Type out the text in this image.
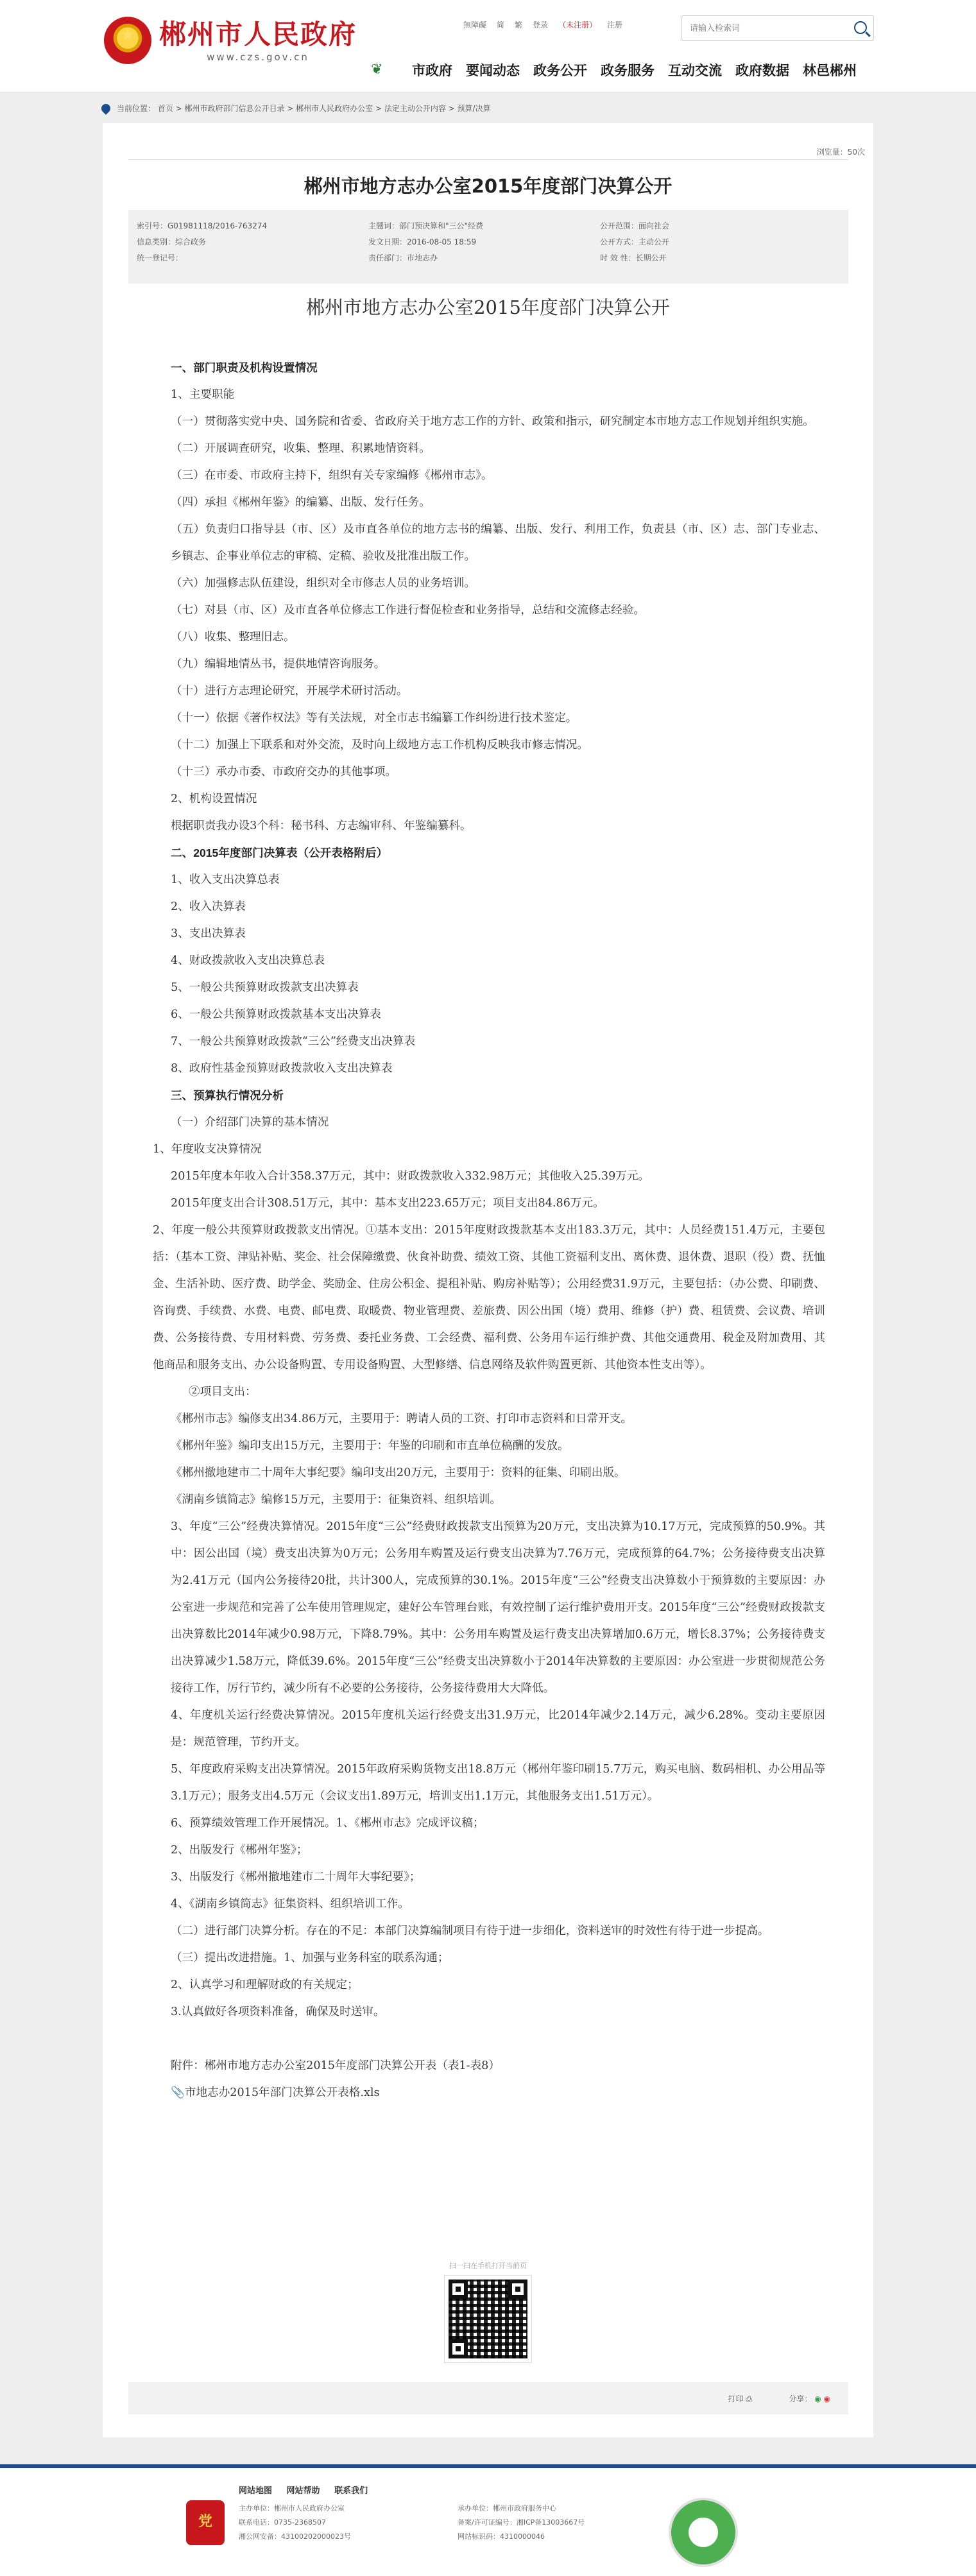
★
郴州市人民政府
www.czs.gov.cn
無障礙 简 繁 登录 （未注册） 注册
请输入检索词
❦	市政府 要闻动态 政务公开 政务服务 互动交流 政府数据 林邑郴州
当前位置： 首页 > 郴州市政府部门信息公开目录 > 郴州市人民政府办公室 > 法定主动公开内容 > 预算/决算
浏览量：50次
郴州市地方志办公室2015年度部门决算公开
索引号：G01981118/2016-763274
信息类别：综合政务
统一登记号：
主题词：部门预决算和"三公"经费
发文日期：2016-08-05 18:59
责任部门：市地志办
公开范围：面向社会
公开方式：主动公开
时 效 性：长期公开
郴州市地方志办公室2015年度部门决算公开

一、部门职责及机构设置情况

1、主要职能

（一）贯彻落实党中央、国务院和省委、省政府关于地方志工作的方针、政策和指示，研究制定本市地方志工作规划并组织实施。

（二）开展调查研究，收集、整理、积累地情资料。

（三）在市委、市政府主持下，组织有关专家编修《郴州市志》。

（四）承担《郴州年鉴》的编纂、出版、发行任务。

（五）负责归口指导县（市、区）及市直各单位的地方志书的编纂、出版、发行、利用工作，负责县（市、区）志、部门专业志、乡镇志、企事业单位志的审稿、定稿、验收及批准出版工作。

（六）加强修志队伍建设，组织对全市修志人员的业务培训。

（七）对县（市、区）及市直各单位修志工作进行督促检查和业务指导，总结和交流修志经验。

（八）收集、整理旧志。

（九）编辑地情丛书，提供地情咨询服务。

（十）进行方志理论研究，开展学术研讨活动。

（十一）依据《著作权法》等有关法规，对全市志书编纂工作纠纷进行技术鉴定。

（十二）加强上下联系和对外交流，及时向上级地方志工作机构反映我市修志情况。

（十三）承办市委、市政府交办的其他事项。

2、机构设置情况

根据职责我办设3个科：秘书科、方志编审科、年鉴编纂科。

二、2015年度部门决算表（公开表格附后）

1、收入支出决算总表

2、收入决算表

3、支出决算表

4、财政拨款收入支出决算总表

5、一般公共预算财政拨款支出决算表

6、一般公共预算财政拨款基本支出决算表

7、一般公共预算财政拨款“三公”经费支出决算表

8、政府性基金预算财政拨款收入支出决算表

三、预算执行情况分析

（一）介绍部门决算的基本情况

1、年度收支决算情况

2015年度本年收入合计358.37万元，其中：财政拨款收入332.98万元；其他收入25.39万元。

2015年度支出合计308.51万元，其中：基本支出223.65万元；项目支出84.86万元。

2、年度一般公共预算财政拨款支出情况。①基本支出：2015年度财政拨款基本支出183.3万元，其中：人员经费151.4万元，主要包括：（基本工资、津贴补贴、奖金、社会保障缴费、伙食补助费、绩效工资、其他工资福利支出、离休费、退休费、退职（役）费、抚恤金、生活补助、医疗费、助学金、奖励金、住房公积金、提租补贴、购房补贴等）；公用经费31.9万元，主要包括：（办公费、印刷费、咨询费、手续费、水费、电费、邮电费、取暖费、物业管理费、差旅费、因公出国（境）费用、维修（护）费、租赁费、会议费、培训费、公务接待费、专用材料费、劳务费、委托业务费、工会经费、福利费、公务用车运行维护费、其他交通费用、税金及附加费用、其他商品和服务支出、办公设备购置、专用设备购置、大型修缮、信息网络及软件购置更新、其他资本性支出等）。

②项目支出：

《郴州市志》编修支出34.86万元，主要用于：聘请人员的工资、打印市志资料和日常开支。

《郴州年鉴》编印支出15万元，主要用于：年鉴的印刷和市直单位稿酬的发放。

《郴州撤地建市二十周年大事纪要》编印支出20万元，主要用于：资料的征集、印刷出版。

《湖南乡镇简志》编修15万元，主要用于：征集资料、组织培训。

3、年度“三公”经费决算情况。2015年度“三公”经费财政拨款支出预算为20万元，支出决算为10.17万元，完成预算的50.9%。其中：因公出国（境）费支出决算为0万元；公务用车购置及运行费支出决算为7.76万元，完成预算的64.7%；公务接待费支出决算为2.41万元（国内公务接待20批，共计300人，完成预算的30.1%。2015年度“三公”经费支出决算数小于预算数的主要原因：办公室进一步规范和完善了公车使用管理规定，建好公车管理台账，有效控制了运行维护费用开支。2015年度“三公”经费财政拨款支出决算数比2014年减少0.98万元，下降8.79%。其中：公务用车购置及运行费支出决算增加0.6万元，增长8.37%；公务接待费支出决算减少1.58万元，降低39.6%。2015年度“三公”经费支出决算数小于2014年决算数的主要原因：办公室进一步贯彻规范公务接待工作，厉行节约，减少所有不必要的公务接待，公务接待费用大大降低。

4、年度机关运行经费决算情况。2015年度机关运行经费支出31.9万元，比2014年减少2.14万元，减少6.28%。变动主要原因是：规范管理，节约开支。

5、年度政府采购支出决算情况。2015年政府采购货物支出18.8万元（郴州年鉴印刷15.7万元，购买电脑、数码相机、办公用品等3.1万元）；服务支出4.5万元（会议支出1.89万元，培训支出1.1万元，其他服务支出1.51万元）。

6、预算绩效管理工作开展情况。1、《郴州市志》完成评议稿；

2、出版发行《郴州年鉴》；

3、出版发行《郴州撤地建市二十周年大事纪要》；

4、《湖南乡镇简志》征集资料、组织培训工作。

（二）进行部门决算分析。存在的不足：本部门决算编制项目有待于进一步细化，资料送审的时效性有待于进一步提高。

（三）提出改进措施。1、加强与业务科室的联系沟通；

2、认真学习和理解财政的有关规定；

3.认真做好各项资料准备，确保及时送审。

附件：郴州市地方志办公室2015年度部门决算公开表（表1-表8）

📎市地志办2015年部门决算公开表格.xls

扫一扫在手机打开当前页
打印 ⎙	分享： ◉ ◉
网站地图 网站帮助 联系我们
党
主办单位：郴州市人民政府办公室
联系电话：0735-2368507
湘公网安备：43100202000023号
承办单位：郴州市政府服务中心
备案/许可证编号：湘ICP备13003667号
网站标识码：4310000046
